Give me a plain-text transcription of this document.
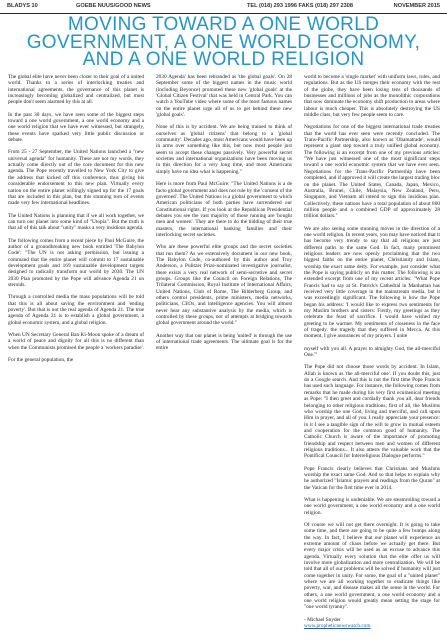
BLADYS 10	GOEBE NUUS/GOOD NEWS	TEL (018) 293 1996 FAKS (018) 297 2308	NOVEMBER 2015
MOVING TOWARD A ONE WORLD
GOVERNMENT, A ONE WORLD ECONOMY,
AND A ONE WORLD RELIGION

The global elite have never been closer to their goal of a united world. Thanks to a series of interlocking treaties and international agreements, the governance of this planet is increasingly becoming globalized and centralized, but most people don't seem alarmed by this at all.

In the past 30 days, we have seen some of the biggest steps toward a one world government, a one world economy and a one world religion that we have ever witnessed, but strangely, these events have sparked very little public discussion or debate.

From 25 - 27 September, the United Nations launched a "new universal agenda" for humanity. These are not my words, they actually come directly out of the core document for this new agenda. The Pope recently travelled to New York City to give the address that kicked off this conference, thus giving his considerable endorsement to this new plan. Virtually every nation on the entire planet willingly signed up for the 17 goals that are included in this plan, but this stunning turn of events made very few international headlines.

The United Nations is planning that if we all work together, we can turn our planet into some kind of "Utopia". But the truth is that all of this talk about "unity" masks a very insidious agenda.

The following comes from a recent piece by Paul McGuire, the author of a groundbreaking new book entitled 'The Babylon Code': "The UN is not asking permission, but issuing a command that the entire planet will commit to 17 sustainable development goals and 169 sustainable development targets designed to radically transform our world by 2030. The UN 2030 Plan promoted by the Pope will advance Agenda 21 on steroids.

Through a controlled media the mass populations will be told that this is all about saving the environment and 'ending poverty'. But that is not the real agenda of Agenda 21. The true agenda of Agenda 21 is to establish a global government, a global economic system, and a global religion.

When UN Secretary General Ban Ki-Moon spoke of a dream of a world of peace and dignity for all this is no different than when the Communists promised the people a 'workers paradise'.

For the general population, the

2030 Agenda' has been rebranded as 'the global goals'. On 28 September some of the biggest names in the music world (including Beyonce) promoted these new 'global goals' at the 'Global Citizen Festival' that was held in Central Park. You can watch a YouTube video where some of the most famous names on the entire planet urge all of us to get behind these new 'global goals'.

None of this is by accident. We are being trained to think of ourselves as 'global citizens' that belong to a 'global community'. Decades ago, most Americans would have been up in arms over something like this, but now most people just seem to accept these changes passively. Very powerful secret societies and international organizations have been moving us in this direction for a very long time, and most Americans simply have no idea what is happening."

Here is more from Paul McGuire: "The United Nations is a de facto global government and does not rule by the 'consent of the governed'. The United Nations is a global government to which American politicians of both parties have surrendered our Constitutional rights. If you look at the Republican Presidential debates you see the vast majority of those running are 'bought men and women'. They are there to do the bidding of their true masters, the international banking families and their interlocking secret societies.

Who are these powerful elite groups and the secret societies that run them? As we extensively document in our new book, The Babylon Code, co-authored by this author and Troy Anderson, a Pulitzer Prize-nominated investigative journalist, there exists a very real network of semi-secretive and secret groups. Groups like the Council on Foreign Relations, The Trilateral Commission, Royal Institute of International Affairs, United Nations, Club of Rome, The Bilderberg Group, and others control presidents, prime ministers, media networks, politicians, CEOs, and intelligence agencies. You will almost never hear any substantive analysis by the media, which is controlled by these groups, nor of attempts at bridging towards global government around the world."

Another way that our planet is being 'united' is through the use of international trade agreements. The ultimate goal is for the entire

world to become a 'single market' with uniform laws, rules, and regulations. But as the US merges their economy with the rest of the globe, they have been losing tens of thousands of businesses and millions of jobs as the monolithic corporations that now dominate the economy shift production to areas where labour is much cheaper. This is absolutely destroying the US middle class, but very few people seem to care.

Negotiations for one of the biggest international trade treaties that the world has ever seen were recently concluded. The Trans-Pacific Partnership, also known as 'Obamatrade', would represent a giant step toward a truly unified global economy. The following is an excerpt from one of my previous articles: "We have just witnessed one of the most significant steps toward a one world economic system that we have ever seen. Negotiations for the Trans-Pacific Partnership have been completed, and if approved it will create the largest trading bloc on the planet. The United States, Canada, Japan, Mexico, Australia, Brunei, Chile, Malaysia, New Zealand, Peru, Singapore, and Vietnam all intend to sign this insidious plan. Collectively, these nations have a total population of about 800 million people and a combined GDP of approximately 28 trillion dollars."

We are also seeing some stunning moves in the direction of a one world religion. In recent years, you may have noticed that it has become very trendy to say that all religions are just different paths to the same God. In fact, many prominent religious leaders are now openly proclaiming that the two biggest faiths on the entire planet, Christianity and Islam, worship the exact same deity. For example, just consider what the Pope is saying publicly on this matter. The following is an extended excerpt from one of my recent articles: "What Pope Francis had to say at St. Patrick's Cathedral in Manhattan has received very little coverage in the mainstream media, but it was exceedingly significant. The following is how the Pope began his address: 'I would like to express two sentiments for my Muslim brothers and sisters: Firstly, my greetings as they celebrate the feast of sacrifice. I would have wished my greeting to be warmer. My sentiments of closeness in the face of tragedy. the tragedy that they suffered in Mecca. At this moment, I give assurances of my prayers. I unite

myself with you all. A prayer to almighty God, the all-merciful One.'"

The Pope did not choose those words by accident. In Islam, Allah is known as 'the all-merciful one'. If you doubt this, just do a Google search. And this is not the first time Pope Francis has used such language. For instance, the following comes from remarks that he made during his very first ecumenical meeting as Pope: "I then greet and cordially thank you all, dear friends belonging to other religious traditions; first of all, the Muslims who worship the one God, living and merciful, and call upon Him in prayer, and all of you. I really appreciate your presence: in it I see a tangible sign of the will to grow in mutual esteem and cooperation for the common good of humanity. The Catholic Church is aware of the importance of promoting friendship and respect between men and women of different religious traditions... It also attests the valuable work that the Pontifical Council for Interreligious Dialogue performs."

Pope Francis clearly believes that Christians and Muslims worship the exact same God. And so that helps to explain why he authorized "Islamic prayers and readings from the Quran" at the Vatican for the first time ever in 2014.

What is happening is undeniable. We are steamrolling toward a one world government, a one world economy and a one world religion.

Of course we will not get there overnight. It is going to take some time, and there are going to be quite a few bumps along the way. In fact, I believe that our planet will experience an extreme amount of chaos before we actually get there. But every major crisis will be used as an excuse to advance this agenda. Virtually every solution that the elite offer us will involve more globalization and more centralization. We will be told that all of our problems will be solved if humanity will just come together in unity. For some, the goal of a "united planet" where we are all working together to eradicate things like poverty, war, and disease makes all the sense in the world. For others, a one world government, a one world economy and a one world religion would greatly mean setting the stage for "one world tyranny".

- Michael Snyder
www.propheticnewswatch.com
